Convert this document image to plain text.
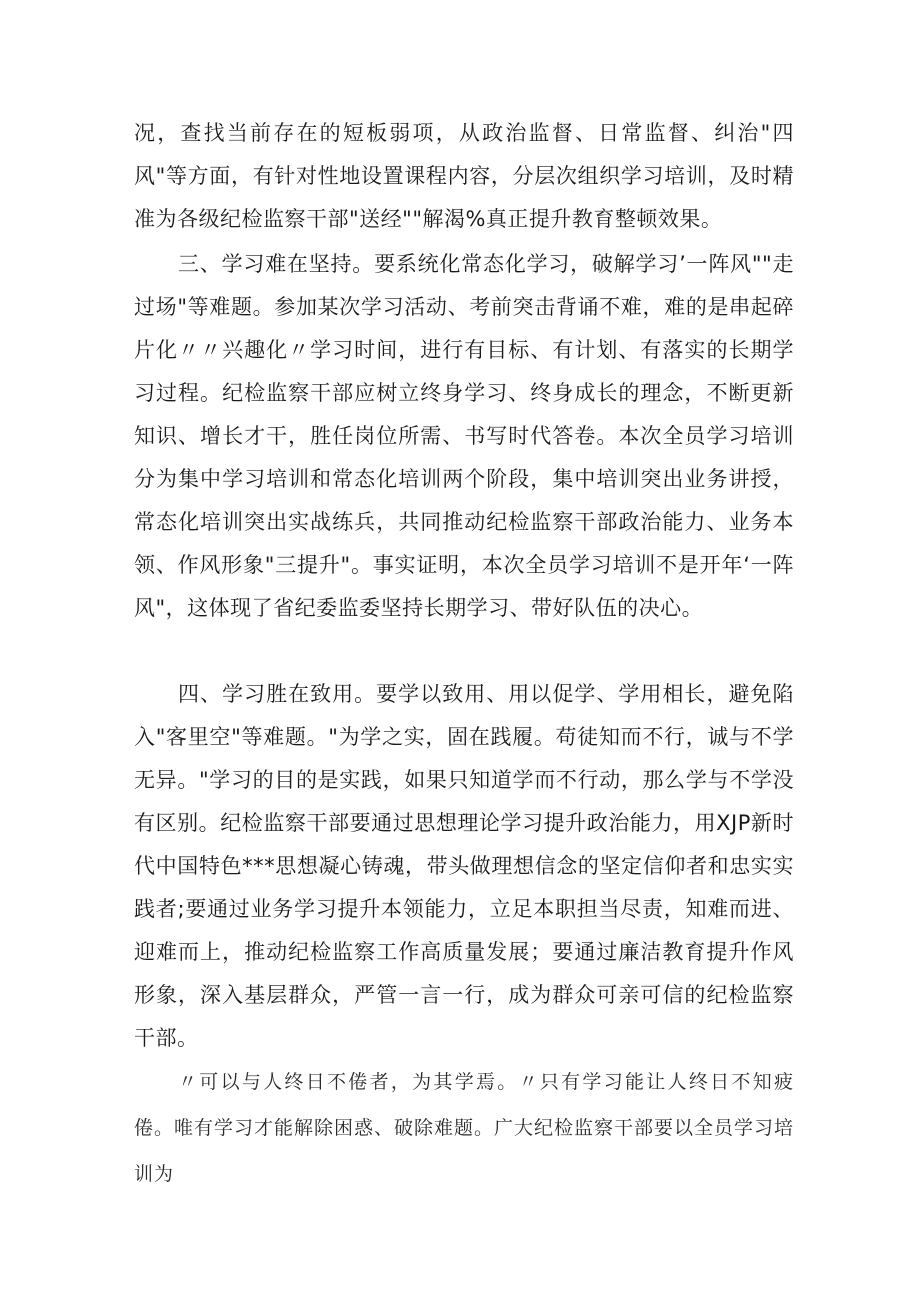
况，查找当前存在的短板弱项，从政治监督、日常监督、纠治"四风"等方面，有针对性地设置课程内容，分层次组织学习培训，及时精准为各级纪检监察干部"送经""解渴%真正提升教育整顿效果。

三、学习难在坚持。要系统化常态化学习，破解学习’一阵风""走过场"等难题。参加某次学习活动、考前突击背诵不难，难的是串起碎片化〃〃兴趣化〃学习时间，进行有目标、有计划、有落实的长期学习过程。纪检监察干部应树立终身学习、终身成长的理念，不断更新知识、增长才干，胜任岗位所需、书写时代答卷。本次全员学习培训分为集中学习培训和常态化培训两个阶段，集中培训突出业务讲授，常态化培训突出实战练兵，共同推动纪检监察干部政治能力、业务本领、作风形象"三提升"。事实证明，本次全员学习培训不是开年‘一阵风"，这体现了省纪委监委坚持长期学习、带好队伍的决心。

四、学习胜在致用。要学以致用、用以促学、学用相长，避免陷入"客里空"等难题。"为学之实，固在践履。苟徒知而不行，诚与不学无异。"学习的目的是实践，如果只知道学而不行动，那么学与不学没有区别。纪检监察干部要通过思想理论学习提升政治能力，用XJP新时代中国特色***思想凝心铸魂，带头做理想信念的坚定信仰者和忠实实践者;要通过业务学习提升本领能力，立足本职担当尽责，知难而进、迎难而上，推动纪检监察工作高质量发展；要通过廉洁教育提升作风形象，深入基层群众，严管一言一行，成为群众可亲可信的纪检监察干部。

〃可以与人终日不倦者，为其学焉。〃只有学习能让人终日不知疲倦。唯有学习才能解除困惑、破除难题。广大纪检监察干部要以全员学习培训为
